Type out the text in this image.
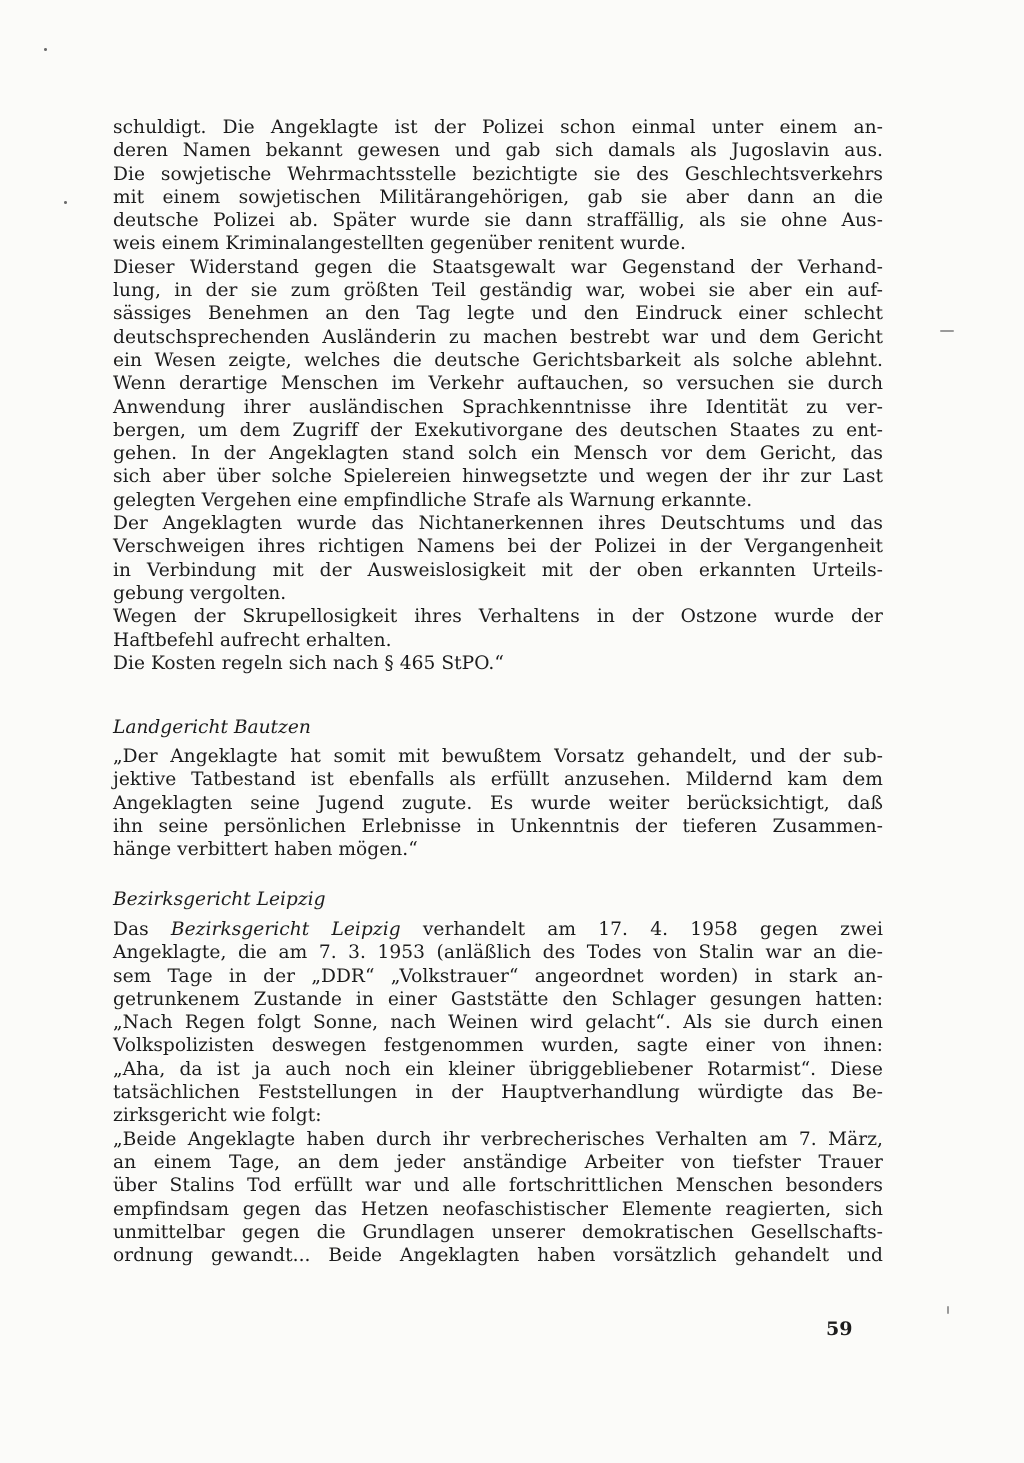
schuldigt. Die Angeklagte ist der Polizei schon einmal unter einem an-
deren Namen bekannt gewesen und gab sich damals als Jugoslavin aus.
Die sowjetische Wehrmachtsstelle bezichtigte sie des Geschlechtsverkehrs
mit einem sowjetischen Militärangehörigen, gab sie aber dann an die
deutsche Polizei ab. Später wurde sie dann straffällig, als sie ohne Aus-
weis einem Kriminalangestellten gegenüber renitent wurde.
Dieser Widerstand gegen die Staatsgewalt war Gegenstand der Verhand-
lung, in der sie zum größten Teil geständig war, wobei sie aber ein auf-
sässiges Benehmen an den Tag legte und den Eindruck einer schlecht
deutschsprechenden Ausländerin zu machen bestrebt war und dem Gericht
ein Wesen zeigte, welches die deutsche Gerichtsbarkeit als solche ablehnt.
Wenn derartige Menschen im Verkehr auftauchen, so versuchen sie durch
Anwendung ihrer ausländischen Sprachkenntnisse ihre Identität zu ver-
bergen, um dem Zugriff der Exekutivorgane des deutschen Staates zu ent-
gehen. In der Angeklagten stand solch ein Mensch vor dem Gericht, das
sich aber über solche Spielereien hinwegsetzte und wegen der ihr zur Last
gelegten Vergehen eine empfindliche Strafe als Warnung erkannte.
Der Angeklagten wurde das Nichtanerkennen ihres Deutschtums und das
Verschweigen ihres richtigen Namens bei der Polizei in der Vergangenheit
in Verbindung mit der Ausweislosigkeit mit der oben erkannten Urteils-
gebung vergolten.
Wegen der Skrupellosigkeit ihres Verhaltens in der Ostzone wurde der
Haftbefehl aufrecht erhalten.
Die Kosten regeln sich nach § 465 StPO.“
Landgericht Bautzen
„Der Angeklagte hat somit mit bewußtem Vorsatz gehandelt, und der sub-
jektive Tatbestand ist ebenfalls als erfüllt anzusehen. Mildernd kam dem
Angeklagten seine Jugend zugute. Es wurde weiter berücksichtigt, daß
ihn seine persönlichen Erlebnisse in Unkenntnis der tieferen Zusammen-
hänge verbittert haben mögen.“
Bezirksgericht Leipzig
Das Bezirksgericht Leipzig verhandelt am 17. 4. 1958 gegen zwei
Angeklagte, die am 7. 3. 1953 (anläßlich des Todes von Stalin war an die-
sem Tage in der „DDR“ „Volkstrauer“ angeordnet worden) in stark an-
getrunkenem Zustande in einer Gaststätte den Schlager gesungen hatten:
„Nach Regen folgt Sonne, nach Weinen wird gelacht“. Als sie durch einen
Volkspolizisten deswegen festgenommen wurden, sagte einer von ihnen:
„Aha, da ist ja auch noch ein kleiner übriggebliebener Rotarmist“. Diese
tatsächlichen Feststellungen in der Hauptverhandlung würdigte das Be-
zirksgericht wie folgt:
„Beide Angeklagte haben durch ihr verbrecherisches Verhalten am 7. März,
an einem Tage, an dem jeder anständige Arbeiter von tiefster Trauer
über Stalins Tod erfüllt war und alle fortschrittlichen Menschen besonders
empfindsam gegen das Hetzen neofaschistischer Elemente reagierten, sich
unmittelbar gegen die Grundlagen unserer demokratischen Gesellschafts-
ordnung gewandt... Beide Angeklagten haben vorsätzlich gehandelt und
59
